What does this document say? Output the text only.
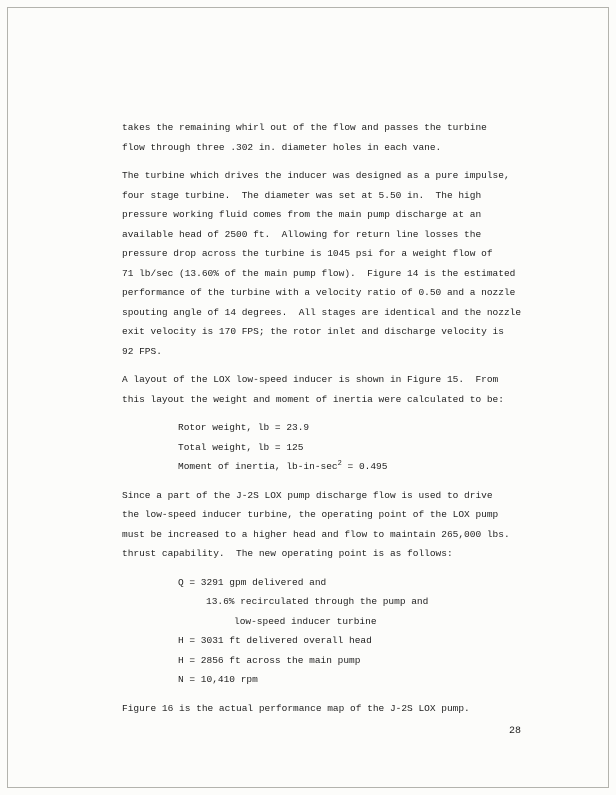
takes the remaining whirl out of the flow and passes the turbine
flow through three .302 in. diameter holes in each vane.
The turbine which drives the inducer was designed as a pure impulse,
four stage turbine.  The diameter was set at 5.50 in.  The high
pressure working fluid comes from the main pump discharge at an
available head of 2500 ft.  Allowing for return line losses the
pressure drop across the turbine is 1045 psi for a weight flow of
71 lb/sec (13.60% of the main pump flow).  Figure 14 is the estimated
performance of the turbine with a velocity ratio of 0.50 and a nozzle
spouting angle of 14 degrees.  All stages are identical and the nozzle
exit velocity is 170 FPS; the rotor inlet and discharge velocity is
92 FPS.
A layout of the LOX low-speed inducer is shown in Figure 15.  From
this layout the weight and moment of inertia were calculated to be:
Rotor weight, lb = 23.9
Total weight, lb = 125
Moment of inertia, $lb-in-\sec^2 = 0.495$
Since a part of the J-2S LOX pump discharge flow is used to drive
the low-speed inducer turbine, the operating point of the LOX pump
must be increased to a higher head and flow to maintain 265,000 lbs.
thrust capability.  The new operating point is as follows:
Q = 3291 gpm delivered and
13.6% recirculated through the pump and
low-speed inducer turbine
H = 3031 ft delivered overall head
H = 2856 ft across the main pump
N = 10,410 rpm
Figure 16 is the actual performance map of the J-2S LOX pump.
28
